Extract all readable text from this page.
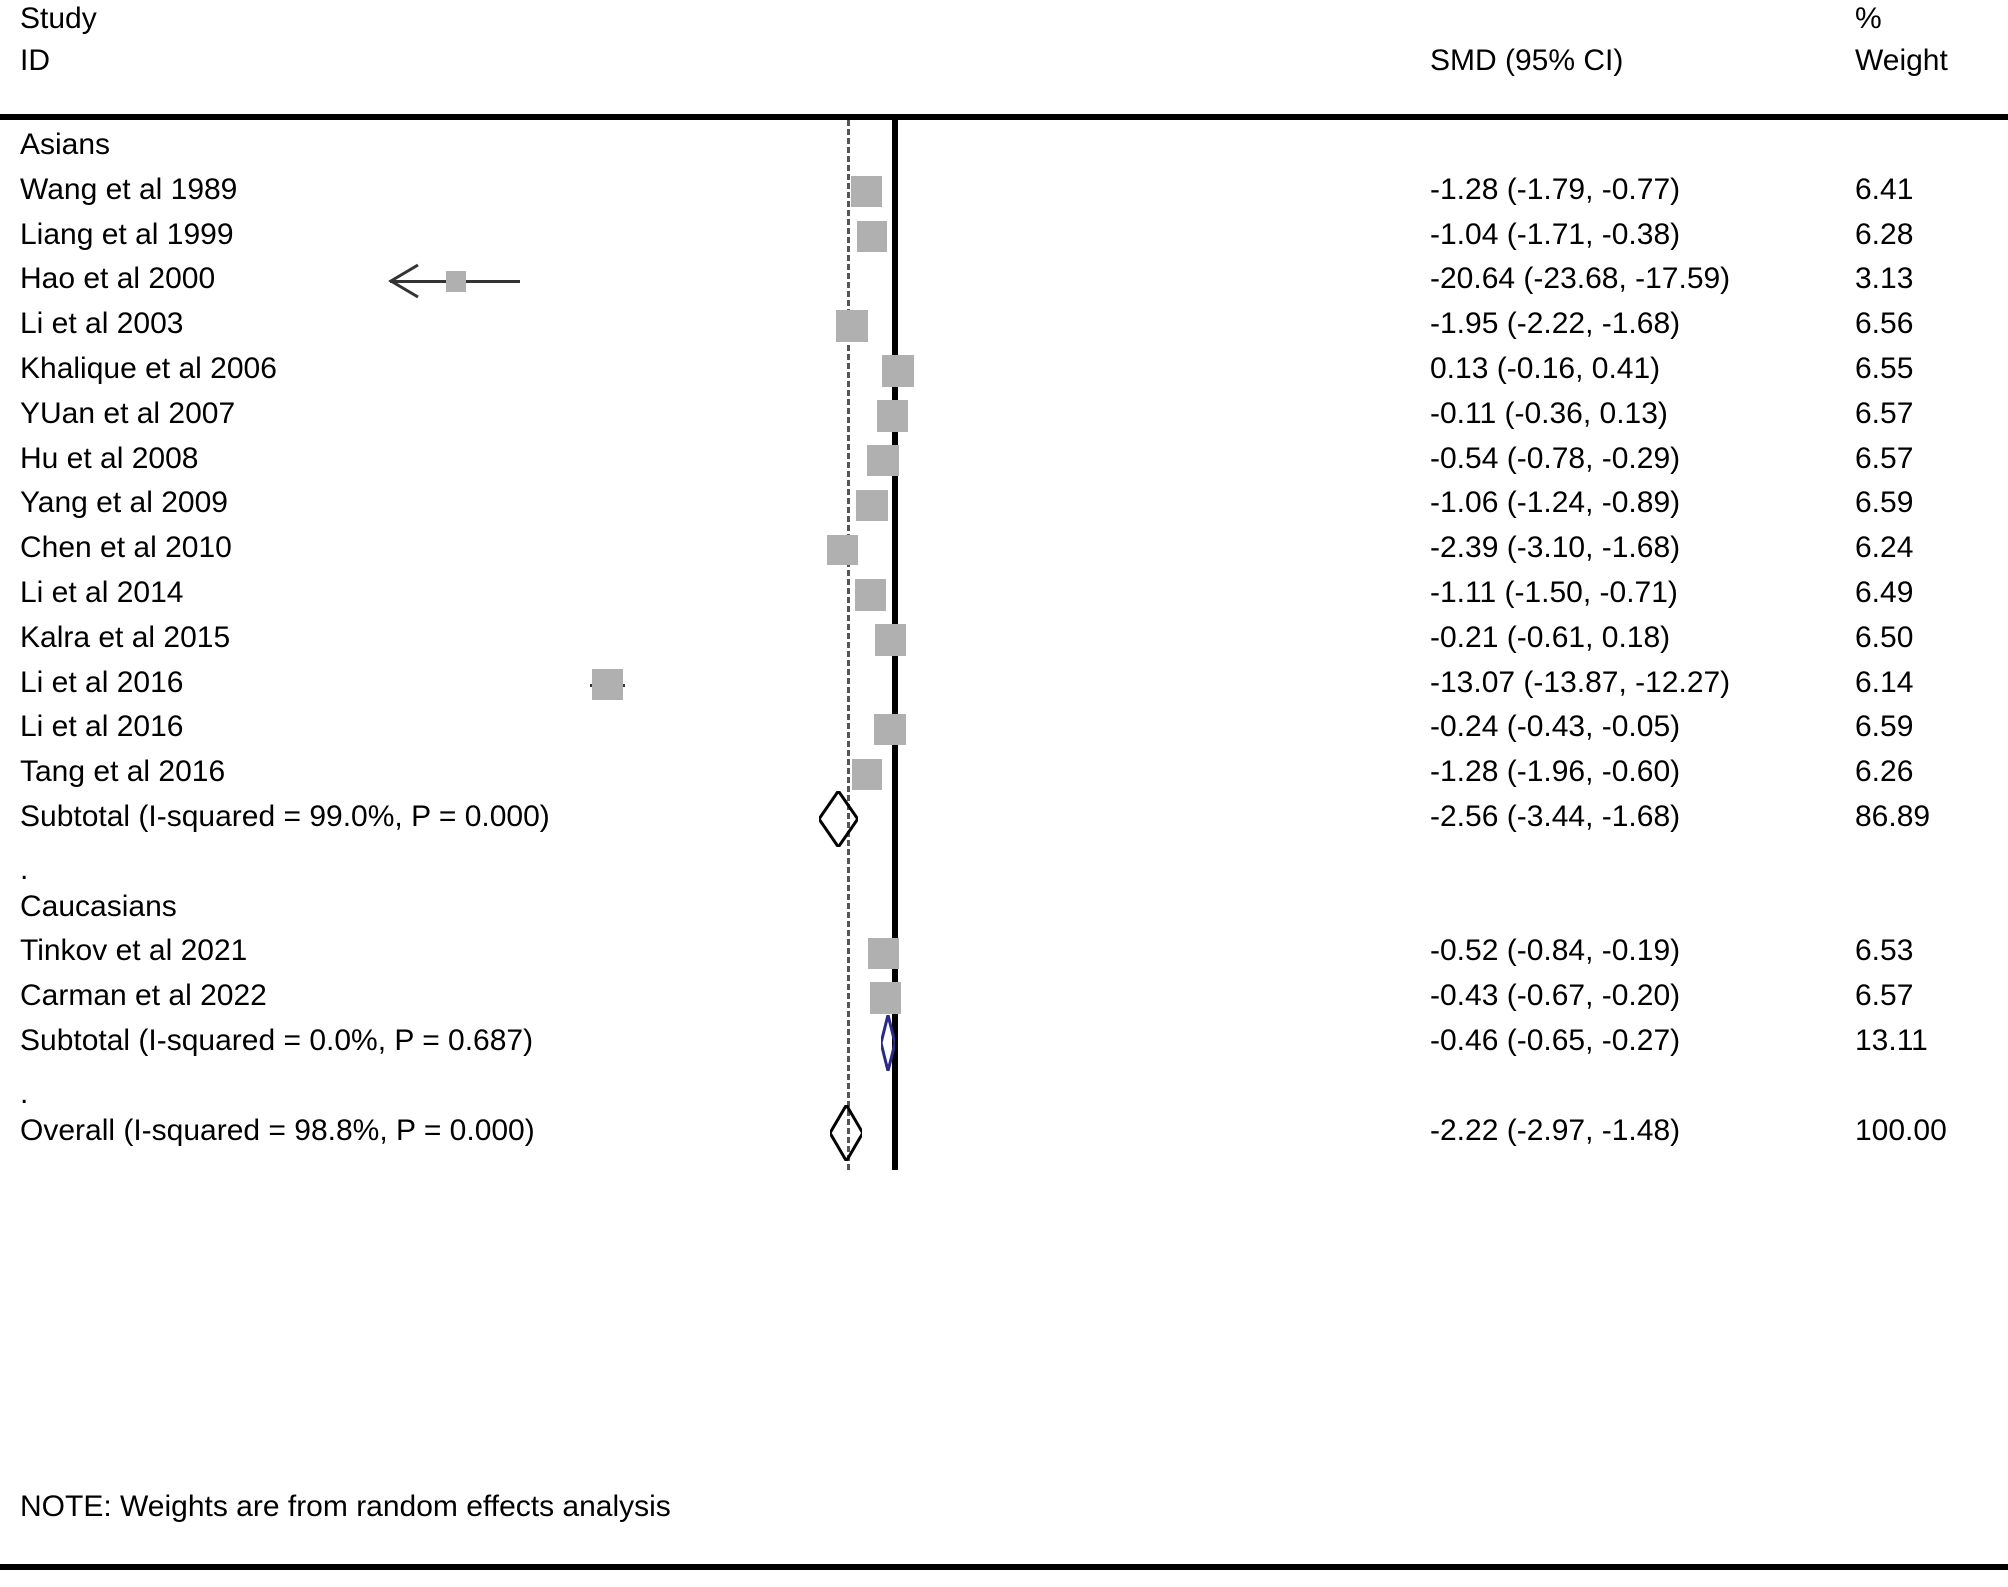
Study
ID	SMD (95% CI)
%
Weight
Asians
Wang et al 1989	-1.28 (-1.79, -0.77)	6.41
Liang et al 1999	-1.04 (-1.71, -0.38)	6.28
Hao et al 2000	-20.64 (-23.68, -17.59)	3.13
Li et al 2003	-1.95 (-2.22, -1.68)	6.56
Khalique et al 2006	0.13 (-0.16, 0.41)	6.55
YUan et al 2007	-0.11 (-0.36, 0.13)	6.57
Hu et al 2008	-0.54 (-0.78, -0.29)	6.57
Yang et al 2009	-1.06 (-1.24, -0.89)	6.59
Chen et al 2010	-2.39 (-3.10, -1.68)	6.24
Li et al 2014	-1.11 (-1.50, -0.71)	6.49
Kalra et al 2015	-0.21 (-0.61, 0.18)	6.50
Li et al 2016	-13.07 (-13.87, -12.27)	6.14
Li et al 2016	-0.24 (-0.43, -0.05)	6.59
Tang et al 2016	-1.28 (-1.96, -0.60)	6.26
Subtotal (I-squared = 99.0%, P = 0.000)	-2.56 (-3.44, -1.68)	86.89
.
Caucasians
Tinkov et al 2021	-0.52 (-0.84, -0.19)	6.53
Carman et al 2022	-0.43 (-0.67, -0.20)	6.57
Subtotal (I-squared = 0.0%, P = 0.687)	-0.46 (-0.65, -0.27)	13.11
.
Overall (I-squared = 98.8%, P = 0.000)	-2.22 (-2.97, -1.48)	100.00
NOTE: Weights are from random effects analysis
